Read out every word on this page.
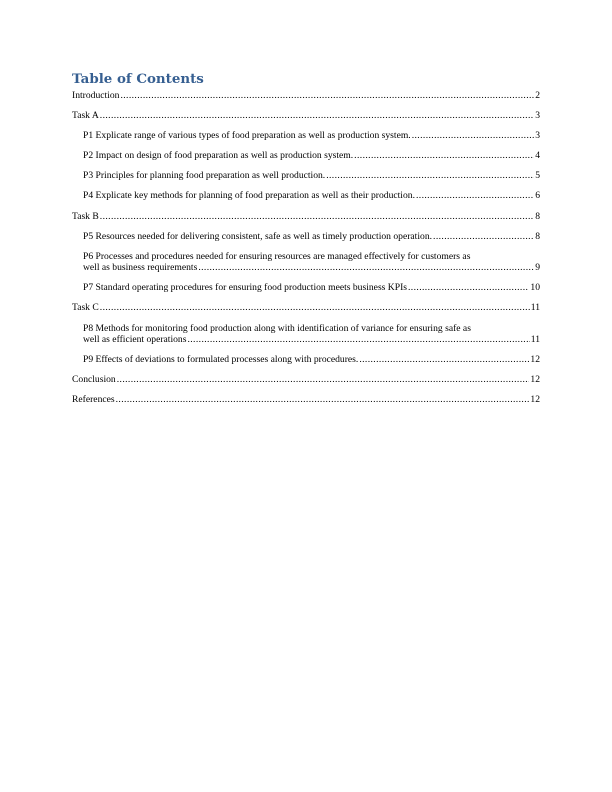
Table of Contents
Introduction .....	2
Task A .....	3
P1 Explicate range of various types of food preparation as well as production system. .....	3
P2 Impact on design of food preparation as well as production system. .....	4
P3 Principles for planning food preparation as well production. .....	5
P4 Explicate key methods for planning of food preparation as well as their production. .....	6
Task B .....	8
P5 Resources needed for delivering consistent, safe as well as timely production operation. .....	8
P6 Processes and procedures needed for ensuring resources are managed effectively for customers as
well as business requirements .....	9
P7 Standard operating procedures for ensuring food production meets business KPIs .....	10
Task C .....	11
P8 Methods for monitoring food production along with identification of variance for ensuring safe as
well as efficient operations .....	11
P9 Effects of deviations to formulated processes along with procedures. .....	12
Conclusion .....	12
References .....	12
